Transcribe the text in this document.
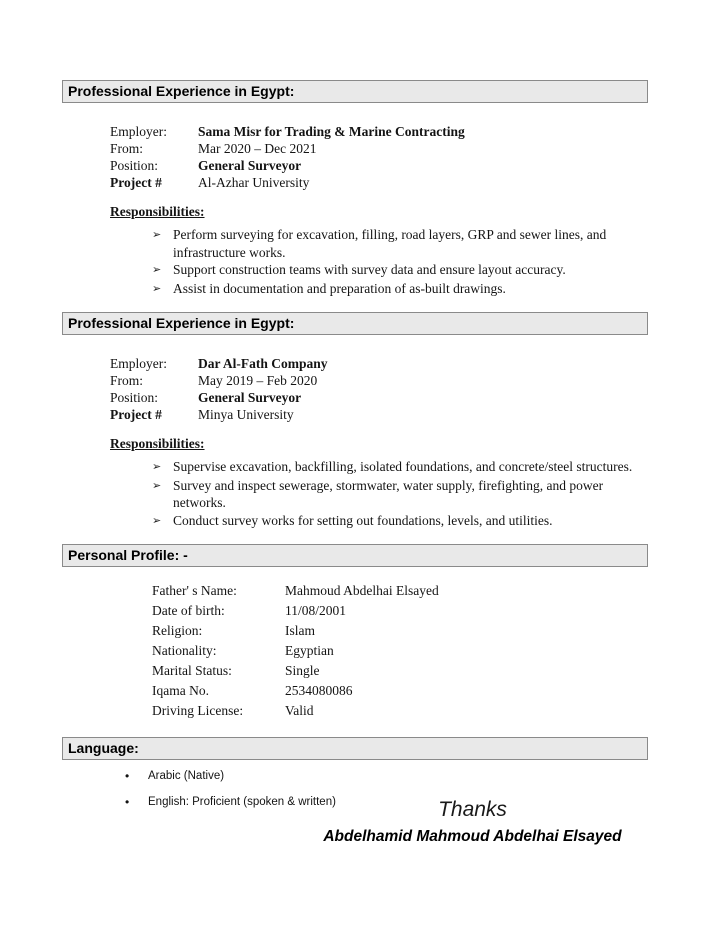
Professional Experience in Egypt:
Employer:	Sama Misr for Trading & Marine Contracting
From:	Mar 2020 – Dec 2021
Position:	General Surveyor
Project #	Al-Azhar University
Responsibilities:
➢ Perform surveying for excavation, filling, road layers, GRP and sewer lines, and infrastructure works.
➢ Support construction teams with survey data and ensure layout accuracy.
➢ Assist in documentation and preparation of as-built drawings.
Professional Experience in Egypt:
Employer:	Dar Al-Fath Company
From:	May 2019 – Feb 2020
Position:	General Surveyor
Project #	Minya University
Responsibilities:
➢ Supervise excavation, backfilling, isolated foundations, and concrete/steel structures.
➢ Survey and inspect sewerage, stormwater, water supply, firefighting, and power networks.
➢ Conduct survey works for setting out foundations, levels, and utilities.
Personal Profile: -
Father' s Name:	Mahmoud Abdelhai Elsayed
Date of birth:	11/08/2001
Religion:	Islam
Nationality:	Egyptian
Marital Status:	Single
Iqama No.	2534080086
Driving License:	Valid
Language:
•	Arabic (Native)
•	English: Proficient (spoken & written)	Thanks
Abdelhamid Mahmoud Abdelhai Elsayed
